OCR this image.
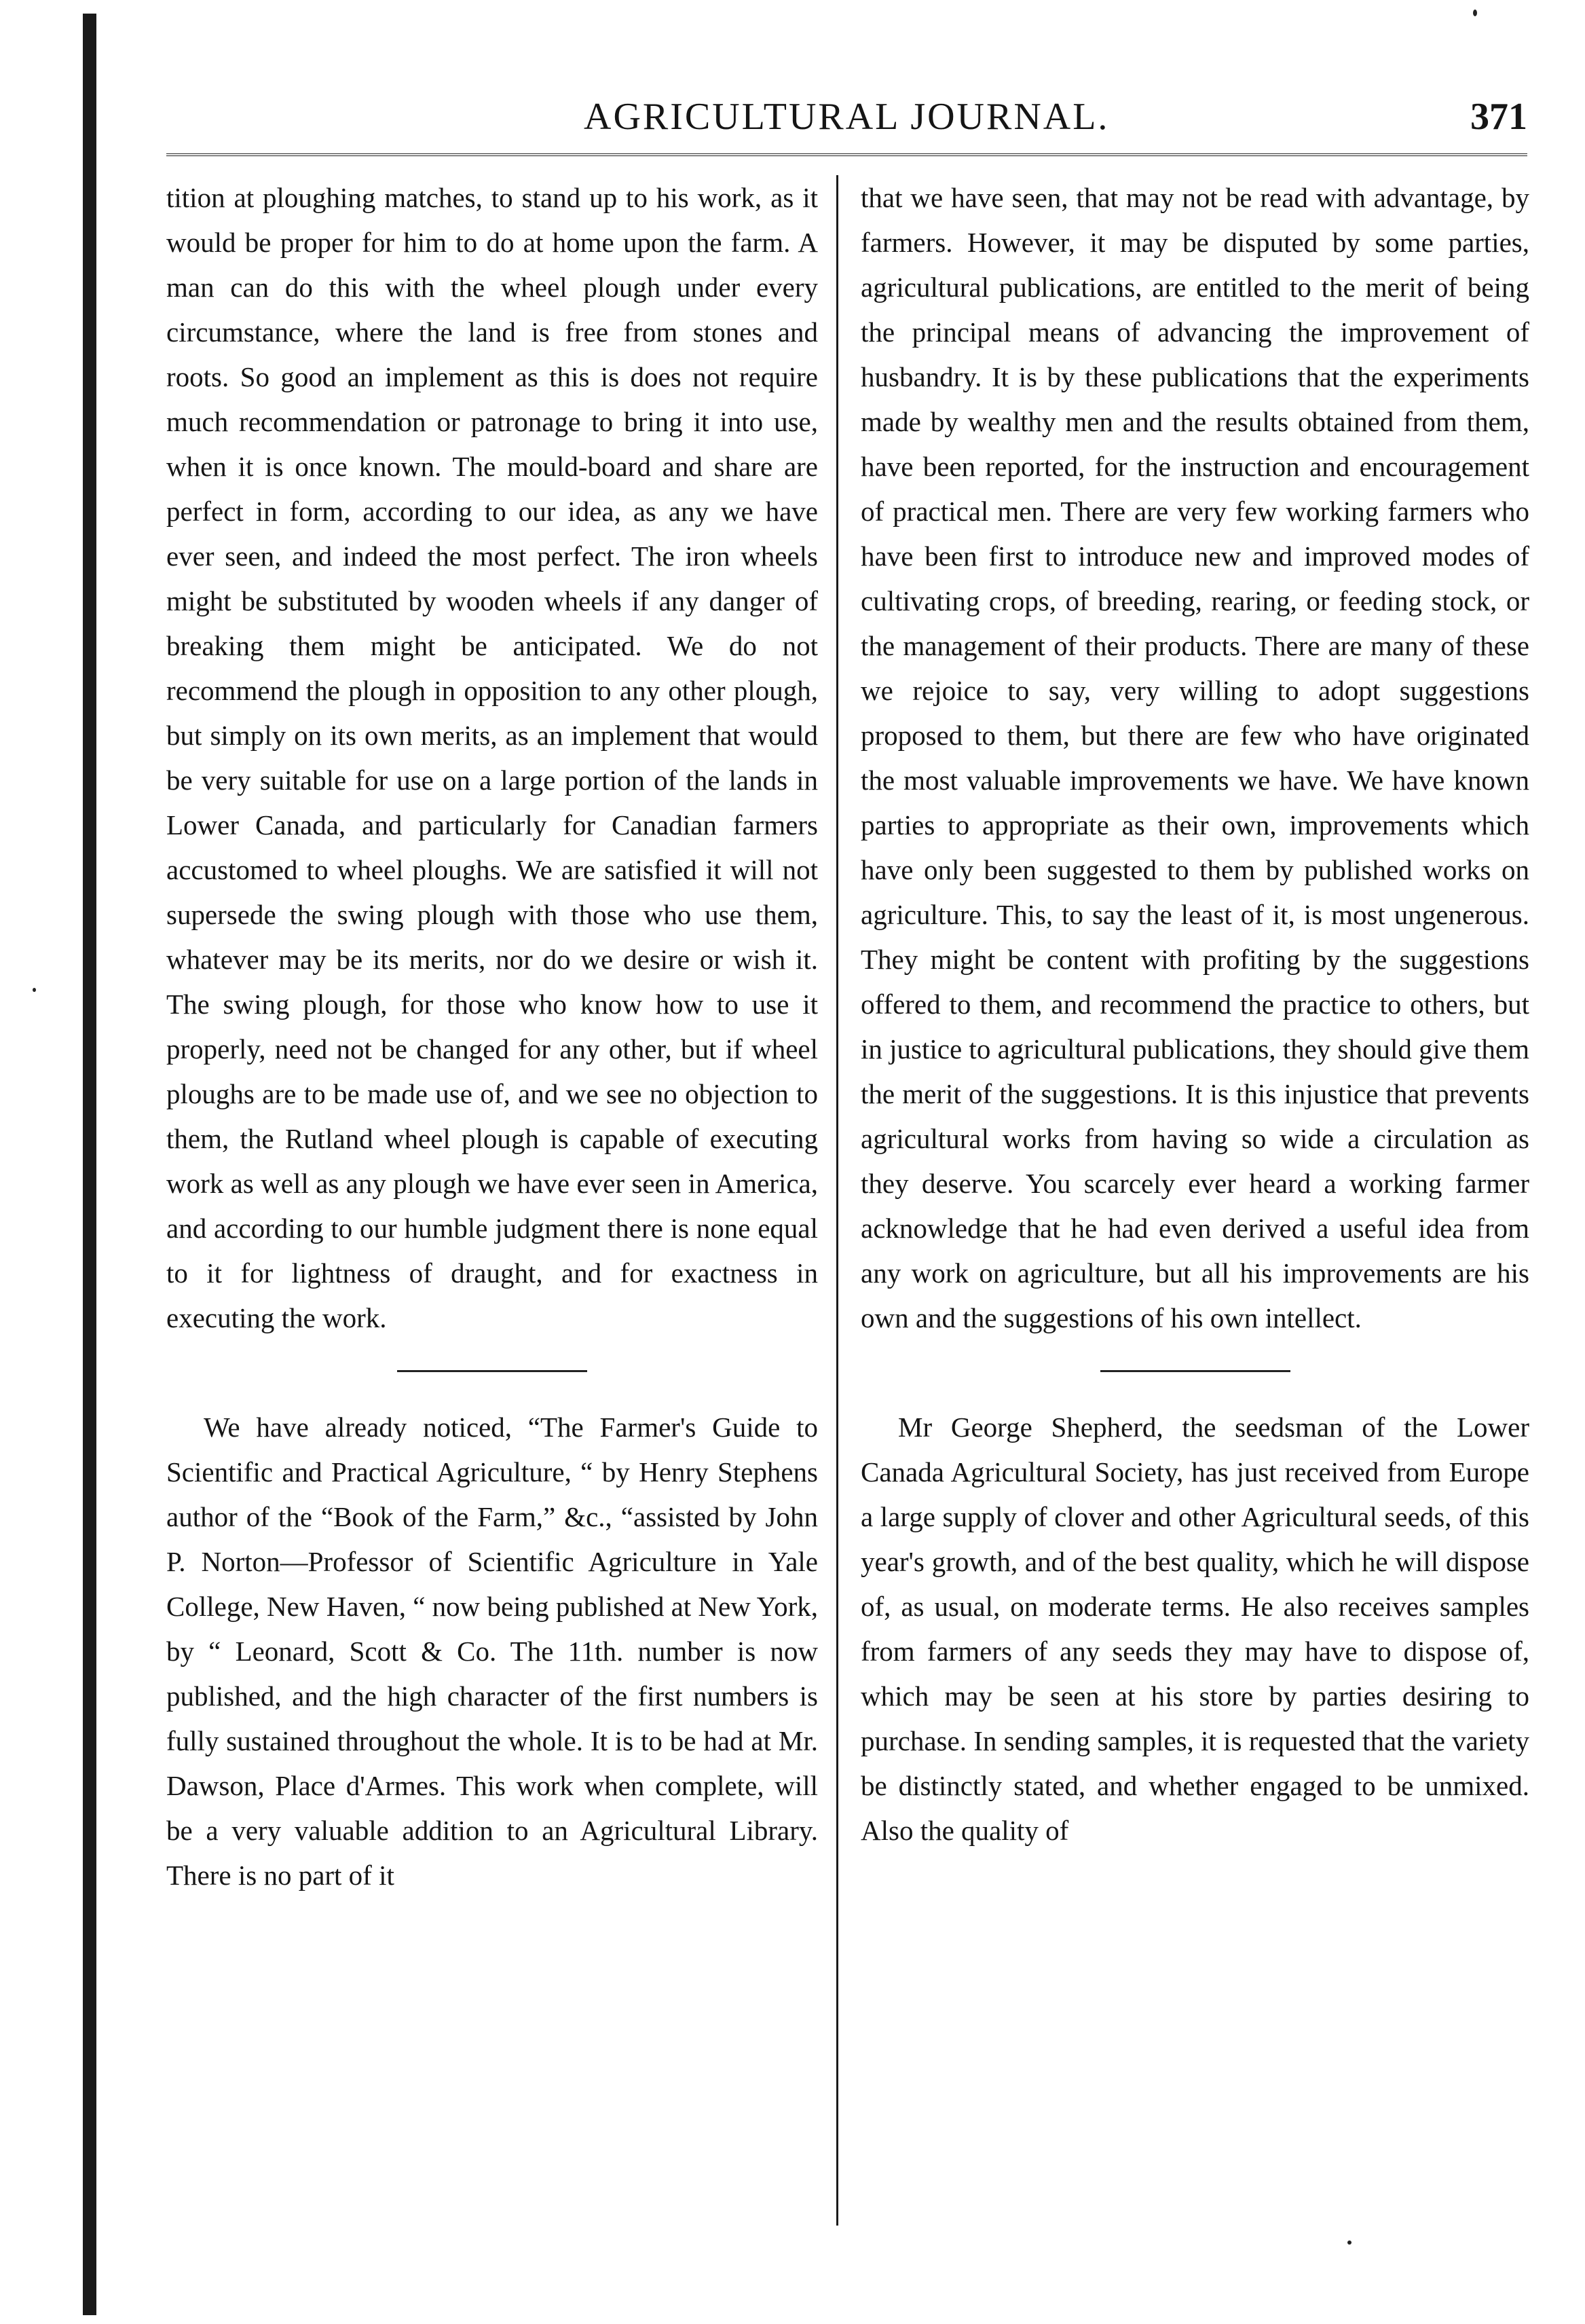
AGRICULTURAL JOURNAL.	371

tition at ploughing matches, to stand up to his work, as it would be proper for him to do at home upon the farm. A man can do this with the wheel plough under every circumstance, where the land is free from stones and roots. So good an implement as this is does not require much recommendation or patronage to bring it into use, when it is once known. The mould-board and share are perfect in form, according to our idea, as any we have ever seen, and indeed the most perfect. The iron wheels might be substituted by wooden wheels if any danger of breaking them might be anticipated. We do not recommend the plough in opposition to any other plough, but simply on its own merits, as an implement that would be very suitable for use on a large portion of the lands in Lower Canada, and particularly for Canadian farmers accustomed to wheel ploughs. We are satisfied it will not supersede the swing plough with those who use them, whatever may be its merits, nor do we desire or wish it. The swing plough, for those who know how to use it properly, need not be changed for any other, but if wheel ploughs are to be made use of, and we see no objection to them, the Rutland wheel plough is capable of executing work as well as any plough we have ever seen in America, and according to our humble judgment there is none equal to it for lightness of draught, and for exactness in executing the work.

We have already noticed, “The Farmer's Guide to Scientific and Practical Agriculture, “ by Henry Stephens author of the “Book of the Farm,” &c., “assisted by John P. Norton—Professor of Scientific Agriculture in Yale College, New Haven, “ now being published at New York, by “ Leonard, Scott & Co. The 11th. number is now published, and the high character of the first numbers is fully sustained throughout the whole. It is to be had at Mr. Dawson, Place d'Armes. This work when complete, will be a very valuable addition to an Agricultural Library. There is no part of it

that we have seen, that may not be read with advantage, by farmers. However, it may be disputed by some parties, agricultural publications, are entitled to the merit of being the principal means of advancing the improvement of husbandry. It is by these publications that the experiments made by wealthy men and the results obtained from them, have been reported, for the instruction and encouragement of practical men. There are very few working farmers who have been first to introduce new and improved modes of cultivating crops, of breeding, rearing, or feeding stock, or the management of their products. There are many of these we rejoice to say, very willing to adopt suggestions proposed to them, but there are few who have originated the most valuable improvements we have. We have known parties to appropriate as their own, improvements which have only been suggested to them by published works on agriculture. This, to say the least of it, is most ungenerous. They might be content with profiting by the suggestions offered to them, and recommend the practice to others, but in justice to agricultural publications, they should give them the merit of the suggestions. It is this injustice that prevents agricultural works from having so wide a circulation as they deserve. You scarcely ever heard a working farmer acknowledge that he had even derived a useful idea from any work on agriculture, but all his improvements are his own and the suggestions of his own intellect.

Mr George Shepherd, the seedsman of the Lower Canada Agricultural Society, has just received from Europe a large supply of clover and other Agricultural seeds, of this year's growth, and of the best quality, which he will dispose of, as usual, on moderate terms. He also receives samples from farmers of any seeds they may have to dispose of, which may be seen at his store by parties desiring to purchase. In sending samples, it is requested that the variety be distinctly stated, and whether engaged to be unmixed. Also the quality of
